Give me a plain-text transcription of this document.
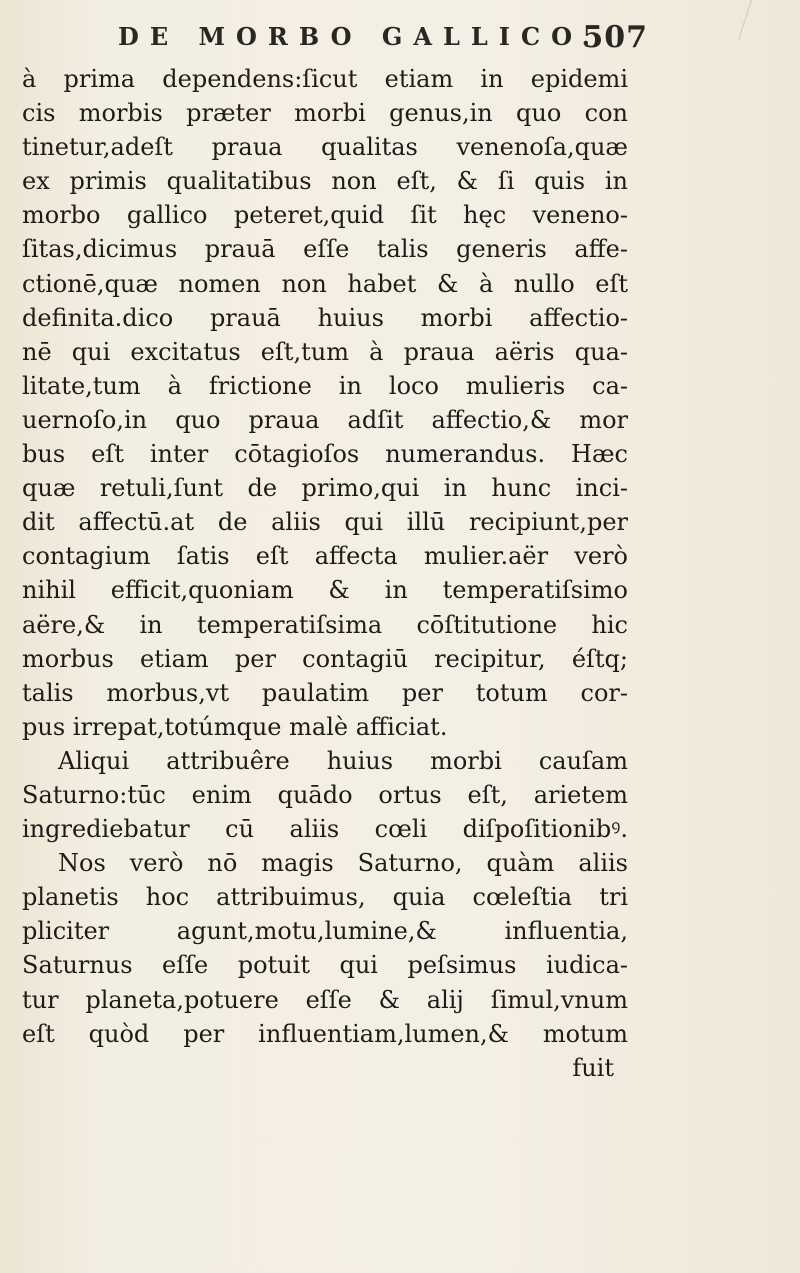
DE MORBO GALLICO.
507
à prima dependens:ſicut etiam in epidemi
cis morbis præter morbi genus,in quo con
tinetur,adeſt praua qualitas venenoſa,quæ
ex primis qualitatibus non eſt, & ſi quis in
morbo gallico peteret,quid ſit hęc veneno-
ſitas,dicimus prauā eſſe talis generis affe-
ctionē,quæ nomen non habet & à nullo eſt
definita.dico prauā huius morbi affectio-
nē qui excitatus eſt,tum à praua aëris qua-
litate,tum à frictione in loco mulieris ca-
uernoſo,in quo praua adſit affectio,& mor
bus eſt inter cōtagioſos numerandus. Hæc
quæ retuli,ſunt de primo,qui in hunc inci-
dit affectū.at de aliis qui illū recipiunt,per
contagium ſatis eſt affecta mulier.aër verò
nihil efficit,quoniam & in temperatiſsimo
aëre,& in temperatiſsima cōſtitutione hic
morbus etiam per contagiū recipitur, éſtq;
talis morbus,vt paulatim per totum cor-
pus irrepat,totúmque malè afficiat.
Aliqui attribuêre huius morbi cauſam
Saturno:tūc enim quādo ortus eſt, arietem
ingrediebatur cū aliis cœli diſpoſitionibꝰ.
Nos verò nō magis Saturno, quàm aliis
planetis hoc attribuimus, quia cœleſtia tri
pliciter agunt,motu,lumine,& influentia,
Saturnus eſſe potuit qui peſsimus iudica-
tur planeta,potuere eſſe & alij ſimul,vnum
eſt quòd per influentiam,lumen,& motum
fuit
